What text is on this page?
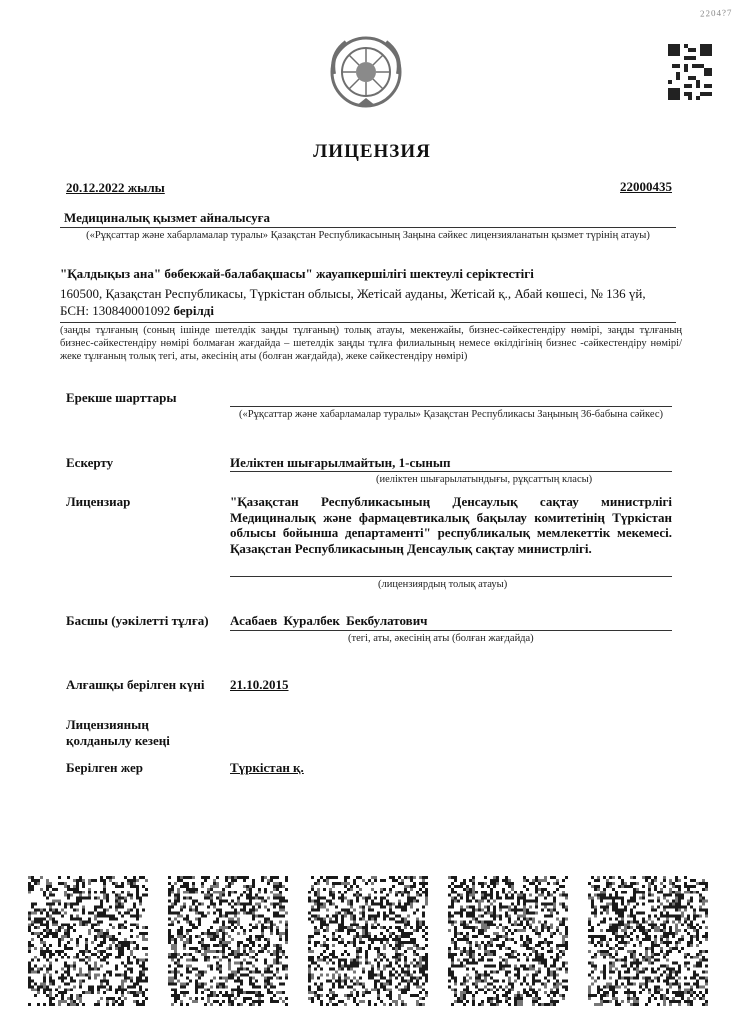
2204?7
ЛИЦЕНЗИЯ
20.12.2022 жылы	22000435
Медициналық қызмет айналысуға
(«Рұқсаттар және хабарламалар туралы» Қазақстан Республикасының Заңына сәйкес лицензияланатын қызмет түрінің атауы)
"Қалдықыз ана" бөбекжай-балабақшасы" жауапкершілігі шектеулі серіктестігі
160500, Қазақстан Республикасы, Түркістан облысы, Жетісай ауданы, Жетісай қ., Абай көшесі, № 136 үй, БСН: 130840001092 берілді
(заңды тұлғаның (соның ішінде шетелдік заңды тұлғаның) толық атауы, мекенжайы, бизнес-сәйкестендіру нөмірі, заңды тұлғаның бизнес-сәйкестендіру нөмірі болмаған жағдайда – шетелдік заңды тұлға филиалының немесе өкілдігінің бизнес -сәйкестендіру нөмірі/жеке тұлғаның толық тегі, аты, әкесінің аты (болған жағдайда), жеке сәйкестендіру нөмірі)
Ерекше шарттары
(«Рұқсаттар және хабарламалар туралы» Қазақстан Республикасы Заңының 36-бабына сәйкес)
Ескерту	Иеліктен шығарылмайтын, 1-сынып
(иеліктен шығарылатындығы, рұқсаттың класы)
Лицензиар	"Қазақстан Республикасының Денсаулық сақтау министрлігі Медициналық және фармацевтикалық бақылау комитетінің Түркістан облысы бойынша департаменті" республикалық мемлекеттік мекемесі. Қазақстан Республикасының Денсаулық сақтау министрлігі.
(лицензиярдың толық атауы)
Басшы (уәкілетті тұлға) Асабаев Куралбек Бекбулатович
(тегі, аты, әкесінің аты (болған жағдайда)
Алғашқы берілген күні 21.10.2015
Лицензияның қолданылу кезеңі
Берілген жер	Түркістан қ.
